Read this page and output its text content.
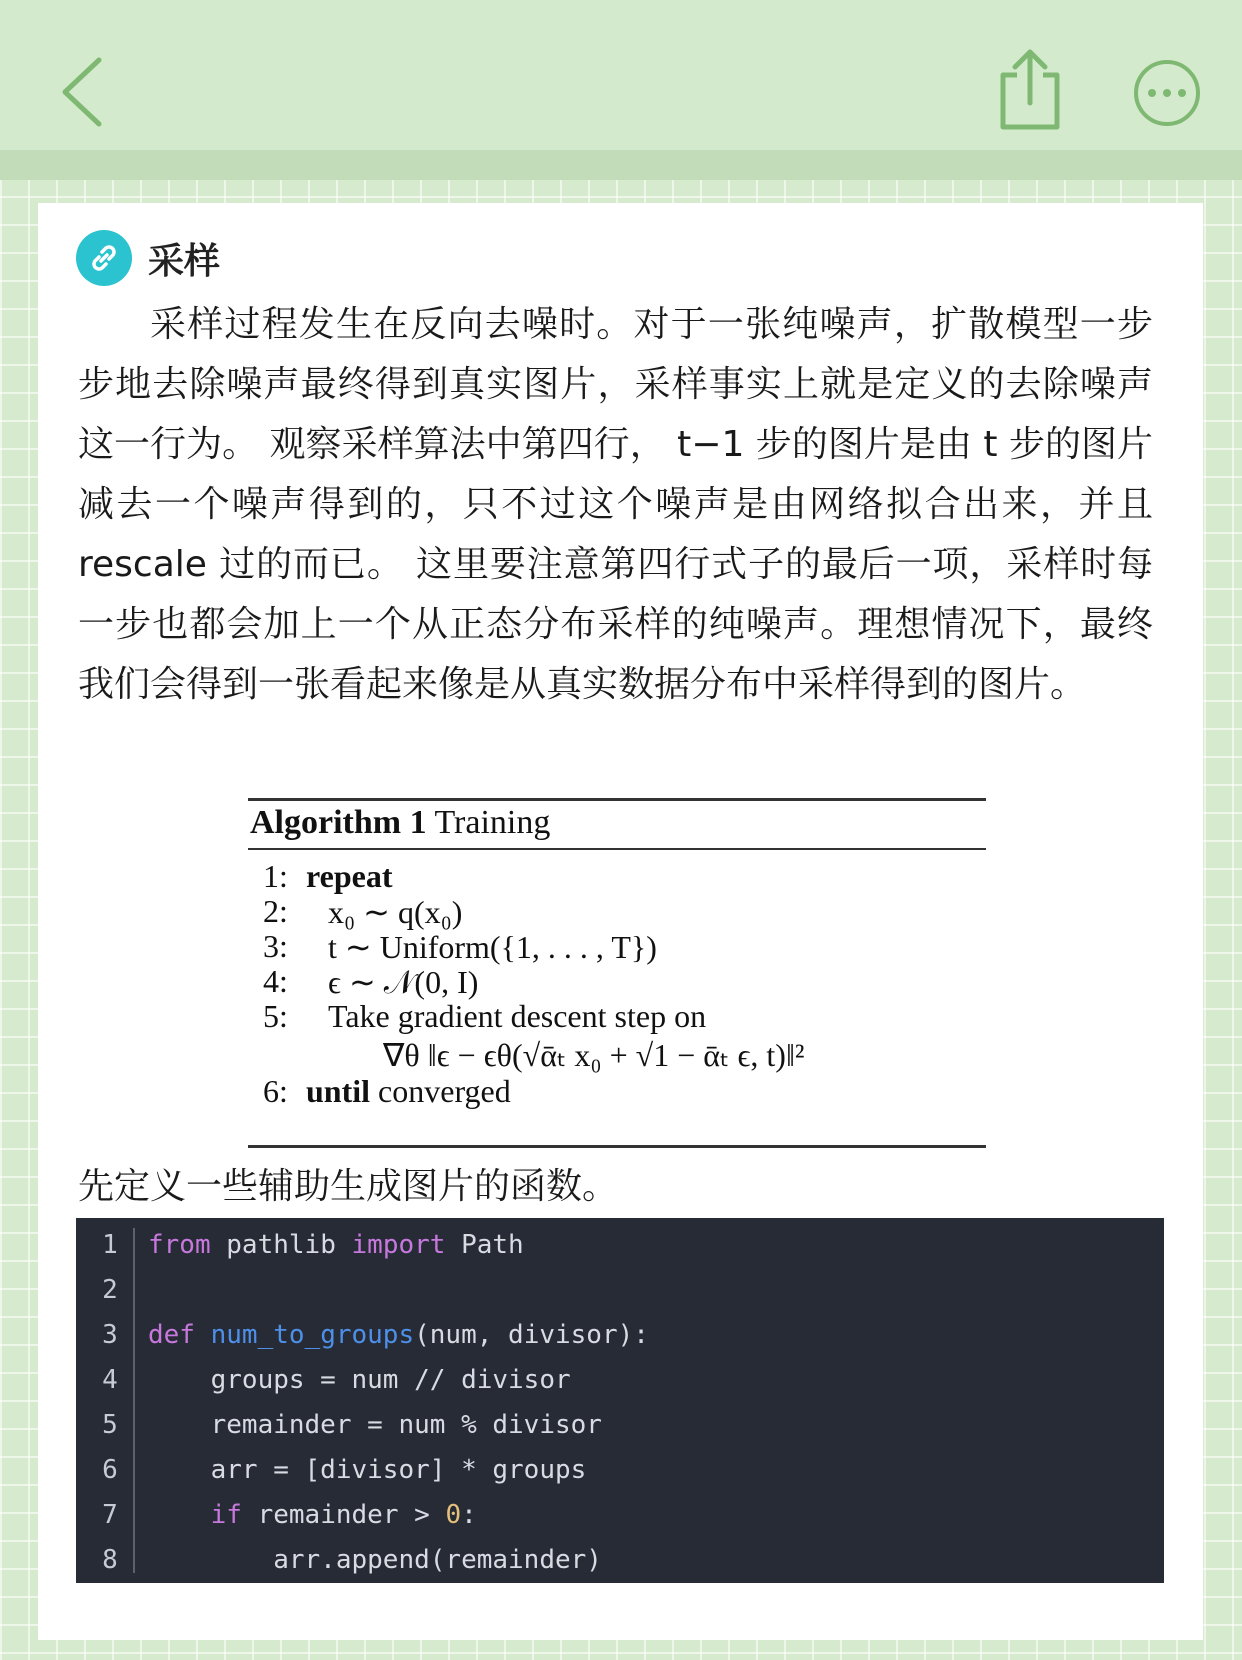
采样

采样过程发生在反向去噪时。对于一张纯噪声，扩散模型一步步地去除噪声最终得到真实图片，采样事实上就是定义的去除噪声这一行为。 观察采样算法中第四行， t−1 步的图片是由 t 步的图片减去一个噪声得到的，只不过这个噪声是由网络拟合出来，并且 rescale 过的而已。 这里要注意第四行式子的最后一项，采样时每一步也都会加上一个从正态分布采样的纯噪声。理想情况下，最终我们会得到一张看起来像是从真实数据分布中采样得到的图片。

Algorithm 1 Training
1: repeat
2: x₀ ∼ q(x₀)
3: t ∼ Uniform({1, . . . , T})
4: ϵ ∼ 𝒩(0, I)
5: Take gradient descent step on
∇θ ‖ϵ − ϵθ(√ᾱₜ x₀ + √1 − ᾱₜ ϵ, t)‖²
6: until converged

先定义一些辅助生成图片的函数。

1	from pathlib import Path
2
3	def num_to_groups(num, divisor):
4	groups = num // divisor
5	remainder = num % divisor
6	arr = [divisor] * groups
7	if remainder > 0:
8	arr.append(remainder)
